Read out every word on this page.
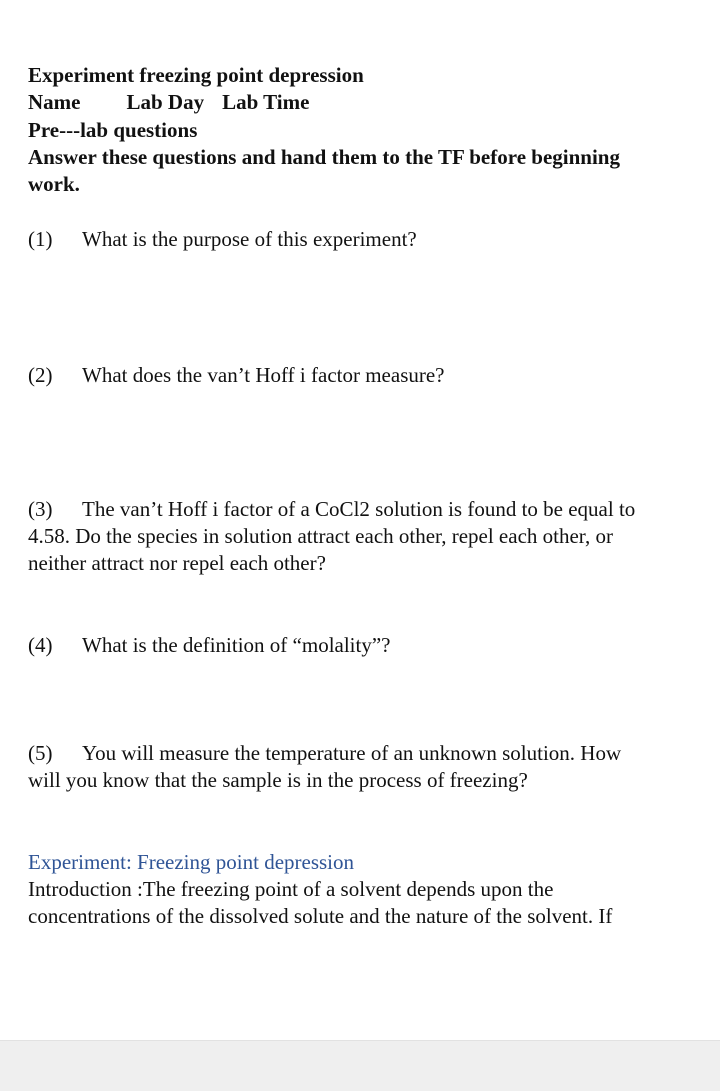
Experiment freezing point depression
Name Lab Day Lab Time
Pre---lab questions
Answer these questions and hand them to the TF before beginning
work.
(1) What is the purpose of this experiment?
(2) What does the van’t Hoff i factor measure?
(3) The van’t Hoff i factor of a CoCl2 solution is found to be equal to
4.58. Do the species in solution attract each other, repel each other, or
neither attract nor repel each other?
(4) What is the definition of “molality”?
(5) You will measure the temperature of an unknown solution. How
will you know that the sample is in the process of freezing?
Experiment: Freezing point depression
Introduction :The freezing point of a solvent depends upon the
concentrations of the dissolved solute and the nature of the solvent. If
